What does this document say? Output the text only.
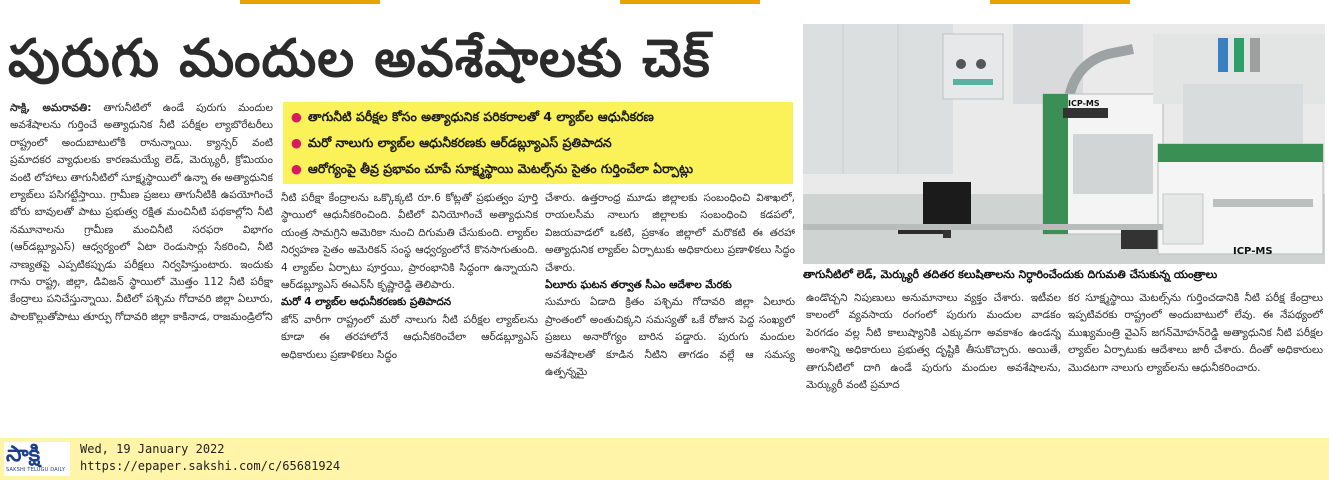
పురుగు మందుల అవశేషాలకు చెక్

సాక్షి, అమరావతి: తాగునీటిలో ఉండే పురుగు మందుల అవశేషాలను గుర్తించే అత్యాధునిక నీటి పరీక్షల ల్యాబొరేటరీలు రాష్ట్రంలో అందుబాటులోకి రానున్నాయి. క్యాన్సర్‌ వంటి ప్రమాదకర వ్యాధులకు కారణమయ్యే లెడ్, మెర్క్యురీ, క్రోమియం వంటి లోహాలు తాగునీటిలో సూక్ష్మస్థాయిలో ఉన్నా ఈ అత్యాధునిక ల్యాబ్‌లు పసిగట్టేస్తాయి. గ్రామీణ ప్రజలు తాగునీటికి ఉపయోగించే బోరు బావులతో పాటు ప్రభుత్వ రక్షిత మంచినీటి పథకాల్లోని నీటి నమూనాలను గ్రామీణ మంచినీటి సరఫరా విభాగం (ఆర్‌డబ్ల్యూఎస్‌) ఆధ్వర్యంలో ఏటా రెండుసార్లు సేకరించి, నీటి నాణ్యతపై ఎప్పటికప్పుడు పరీక్షలు నిర్వహిస్తుంటారు. ఇందుకు గాను రాష్ట్ర, జిల్లా, డివిజన్‌ స్థాయిలో మొత్తం 112 నీటి పరీక్షా కేంద్రాలు పనిచేస్తున్నాయి. వీటిలో పశ్చిమ గోదావరి జిల్లా ఏలూరు, పాలకొల్లుతోపాటు తూర్పు గోదావరి జిల్లా కాకినాడ, రాజమండ్రిలోని

● తాగునీటి పరీక్షల కోసం అత్యాధునిక పరికరాలతో 4 ల్యాబ్‌ల ఆధునీకరణ
● మరో నాలుగు ల్యాబ్‌ల ఆధునీకరణకు ఆర్‌డబ్ల్యూఎస్‌ ప్రతిపాదన
● ఆరోగ్యంపై తీవ్ర ప్రభావం చూపే సూక్ష్మస్థాయి మెటల్స్‌ను సైతం గుర్తించేలా ఏర్పాట్లు

నీటి పరీక్షా కేంద్రాలను ఒక్కొక్కటి రూ.6 కోట్లతో ప్రభుత్వం పూర్తి స్థాయిలో ఆధునీకరించింది. వీటిలో వినియోగించే అత్యాధునిక యంత్ర సామగ్రిని అమెరికా నుంచి దిగుమతి చేసుకుంది. ల్యాబ్‌ల నిర్వహణ సైతం అమెరికన్‌ సంస్థ ఆధ్వర్యంలోనే కొనసాగుతుంది. 4 ల్యాబ్‌ల ఏర్పాటు పూర్తయి, ప్రారంభానికి సిద్ధంగా ఉన్నాయని ఆర్‌డబ్ల్యూఎస్‌ ఈఎన్‌సీ కృష్ణారెడ్డి తెలిపారు.

మరో 4 ల్యాబ్‌ల ఆధునీకరణకు ప్రతిపాదన

జోన్‌ వారీగా రాష్ట్రంలో మరో నాలుగు నీటి పరీక్షల ల్యాబ్‌లను కూడా ఈ తరహాలోనే ఆధునీకరించేలా ఆర్‌డబ్ల్యూఎస్‌ అధికారులు ప్రణాళికలు సిద్ధం

చేశారు. ఉత్తరాంధ్ర మూడు జిల్లాలకు సంబంధించి విశాఖలో, రాయలసీమ నాలుగు జిల్లాలకు సంబంధించి కడపలో, విజయవాడలో ఒకటి, ప్రకాశం జిల్లాలో మరొకటి ఈ తరహా అత్యాధునిక ల్యాబ్‌ల ఏర్పాటుకు అధికారులు ప్రణాళికలు సిద్ధం చేశారు.

ఏలూరు ఘటన తర్వాత సీఎం ఆదేశాల మేరకు

సుమారు ఏడాది క్రితం పశ్చిమ గోదావరి జిల్లా ఏలూరు ప్రాంతంలో అంతుచిక్కని సమస్యతో ఒకే రోజున పెద్ద సంఖ్యలో ప్రజలు అనారోగ్యం బారిన పడ్డారు. పురుగు మందుల అవశేషాలతో కూడిన నీటిని తాగడం వల్లే ఆ సమస్య ఉత్పన్నమై

ICP-MS
ICP-MS
తాగునీటిలో లెడ్‌, మెర్క్యురీ తదితర కలుషితాలను నిర్ధారించేందుకు దిగుమతి చేసుకున్న యంత్రాలు

ఉండొచ్చని నిపుణులు అనుమానాలు వ్యక్తం చేశారు. ఇటీవల కాలంలో వ్యవసాయ రంగంలో పురుగు మందుల వాడకం పెరగడం వల్ల నీటి కాలుష్యానికి ఎక్కువగా అవకాశం ఉండన్న అంశాన్ని అధికారులు ప్రభుత్వ దృష్టికి తీసుకొచ్చారు. అయితే, తాగునీటిలో దాగి ఉండే పురుగు మందుల అవశేషాలను, మెర్క్యురీ వంటి ప్రమాద

కర సూక్ష్మస్థాయి మెటల్స్‌ను గుర్తించడానికి నీటి పరీక్ష కేంద్రాలు ఇప్పటివరకు రాష్ట్రంలో అందుబాటులో లేవు. ఈ నేపథ్యంలో ముఖ్యమంత్రి వైఎస్‌ జగన్‌మోహన్‌రెడ్డి అత్యాధునిక నీటి పరీక్షల ల్యాబ్‌ల ఏర్పాటుకు ఆదేశాలు జారీ చేశారు. దీంతో అధికారులు మొదటగా నాలుగు ల్యాబ్‌లను ఆధునీకరించారు.

సాక్షి
SAKSHI TELUGU DAILY
Wed, 19 January 2022
https://epaper.sakshi.com/c/65681924
